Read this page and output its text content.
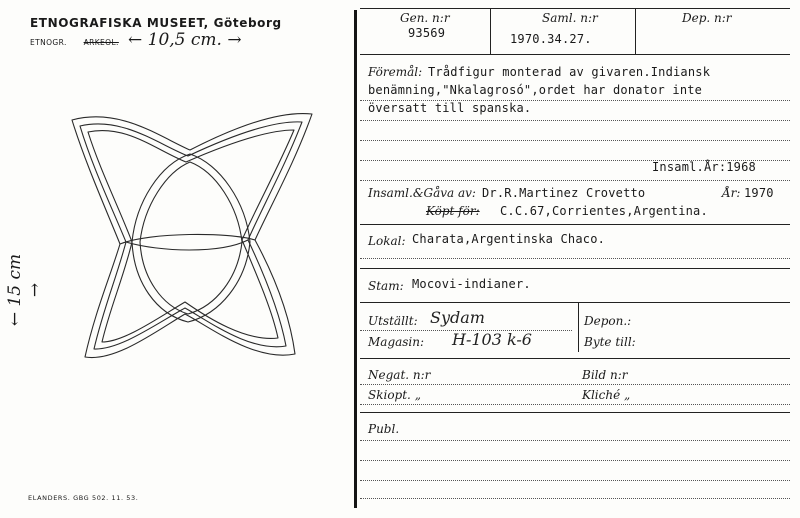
ETNOGRAFISKA MUSEET, Göteborg
ETNOGR. ARKEOL. ← 10,5 cm. →
← 15 cm →
ELANDERS. GBG 502. 11. 53.
Gen. n:r
93569
Saml. n:r
1970.34.27.
Dep. n:r
Föremål: Trådfigur monterad av givaren.Indiansk
benämning,"Nkalagrosó",ordet har donator inte
översatt till spanska.
Insaml.År:1968
Insaml.&Gåva av: Dr.R.Martinez Crovetto	År: 1970
Köpt för: C.C.67,Corrientes,Argentina.
Lokal: Charata,Argentinska Chaco.
Stam: Mocovi-indianer.
Utställt: Sydam	Depon.:
Magasin: H-103 k-6	Byte till:
Negat. n:r	Bild n:r
Skiopt. „	Kliché „
Publ.
